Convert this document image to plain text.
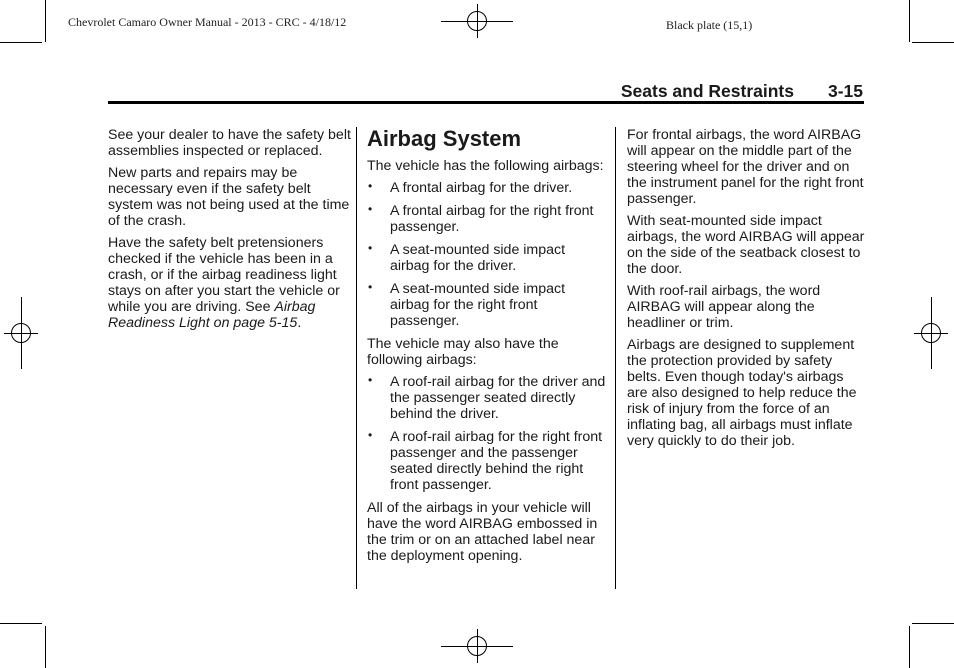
Chevrolet Camaro Owner Manual - 2013 - CRC - 4/18/12	Black plate (15,1)
Seats and Restraints 3-15

See your dealer to have the safety belt assemblies inspected or replaced.

New parts and repairs may be necessary even if the safety belt system was not being used at the time of the crash.

Have the safety belt pretensioners checked if the vehicle has been in a crash, or if the airbag readiness light stays on after you start the vehicle or while you are driving. See Airbag Readiness Light on page 5-15.

Airbag System

The vehicle has the following airbags:

• A frontal airbag for the driver.
• A frontal airbag for the right front passenger.
• A seat-mounted side impact airbag for the driver.
• A seat-mounted side impact airbag for the right front passenger.

The vehicle may also have the following airbags:

• A roof-rail airbag for the driver and the passenger seated directly behind the driver.
• A roof-rail airbag for the right front passenger and the passenger seated directly behind the right front passenger.

All of the airbags in your vehicle will have the word AIRBAG embossed in the trim or on an attached label near the deployment opening.

For frontal airbags, the word AIRBAG will appear on the middle part of the steering wheel for the driver and on the instrument panel for the right front passenger.

With seat-mounted side impact airbags, the word AIRBAG will appear on the side of the seatback closest to the door.

With roof-rail airbags, the word AIRBAG will appear along the headliner or trim.

Airbags are designed to supplement the protection provided by safety belts. Even though today's airbags are also designed to help reduce the risk of injury from the force of an inflating bag, all airbags must inflate very quickly to do their job.
